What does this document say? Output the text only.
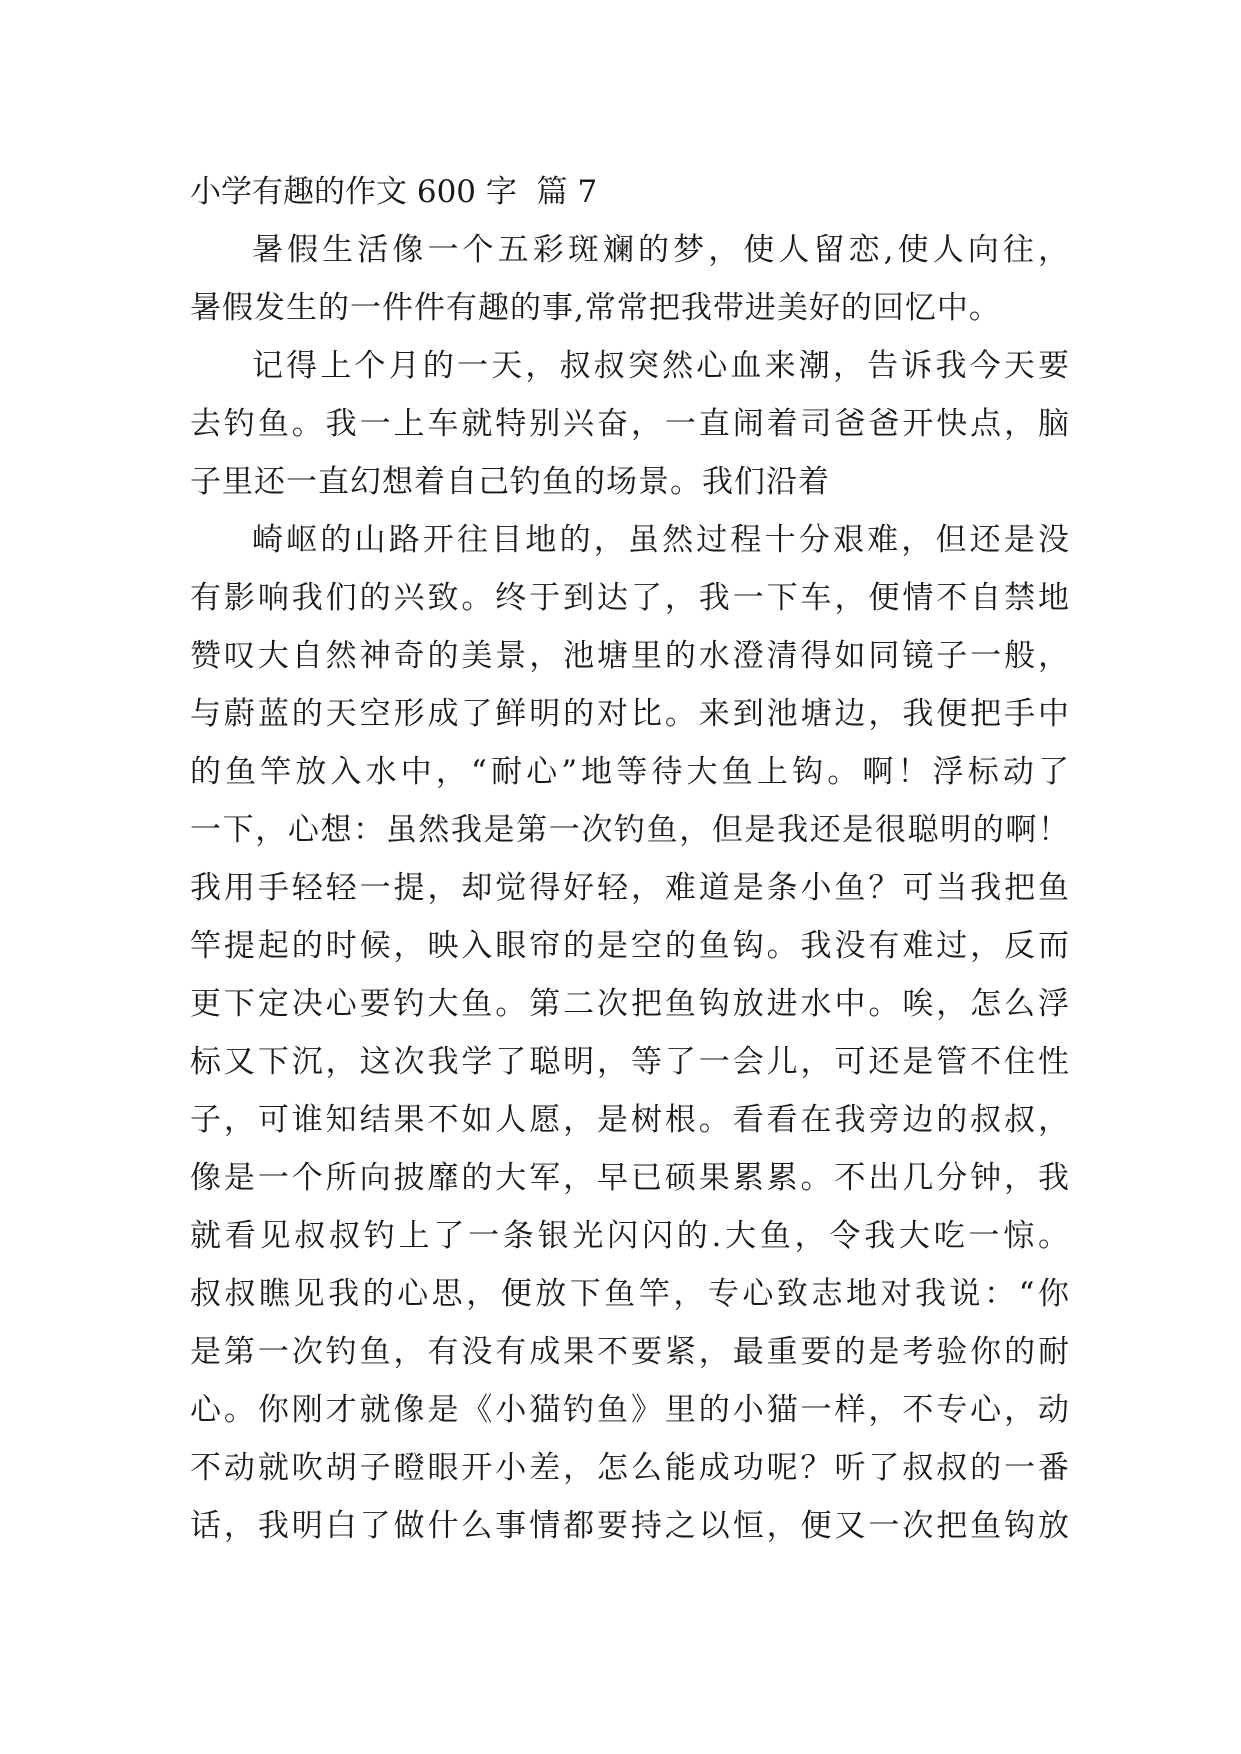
小学有趣的作文 600 字  篇 7
暑假生活像一个五彩斑斓的梦，使人留恋,使人向往，
暑假发生的一件件有趣的事,常常把我带进美好的回忆中。
记得上个月的一天，叔叔突然心血来潮，告诉我今天要
去钓鱼。我一上车就特别兴奋，一直闹着司爸爸开快点，脑
子里还一直幻想着自己钓鱼的场景。我们沿着
崎岖的山路开往目地的，虽然过程十分艰难，但还是没
有影响我们的兴致。终于到达了，我一下车，便情不自禁地
赞叹大自然神奇的美景，池塘里的水澄清得如同镜子一般，
与蔚蓝的天空形成了鲜明的对比。来到池塘边，我便把手中
的鱼竿放入水中，“耐心”地等待大鱼上钩。啊！浮标动了
一下，心想：虽然我是第一次钓鱼，但是我还是很聪明的啊！
我用手轻轻一提，却觉得好轻，难道是条小鱼？可当我把鱼
竿提起的时候，映入眼帘的是空的鱼钩。我没有难过，反而
更下定决心要钓大鱼。第二次把鱼钩放进水中。唉，怎么浮
标又下沉，这次我学了聪明，等了一会儿，可还是管不住性
子，可谁知结果不如人愿，是树根。看看在我旁边的叔叔，
像是一个所向披靡的大军，早已硕果累累。不出几分钟，我
就看见叔叔钓上了一条银光闪闪的.大鱼，令我大吃一惊。
叔叔瞧见我的心思，便放下鱼竿，专心致志地对我说：“你
是第一次钓鱼，有没有成果不要紧，最重要的是考验你的耐
心。你刚才就像是《小猫钓鱼》里的小猫一样，不专心，动
不动就吹胡子瞪眼开小差，怎么能成功呢？听了叔叔的一番
话，我明白了做什么事情都要持之以恒，便又一次把鱼钩放
